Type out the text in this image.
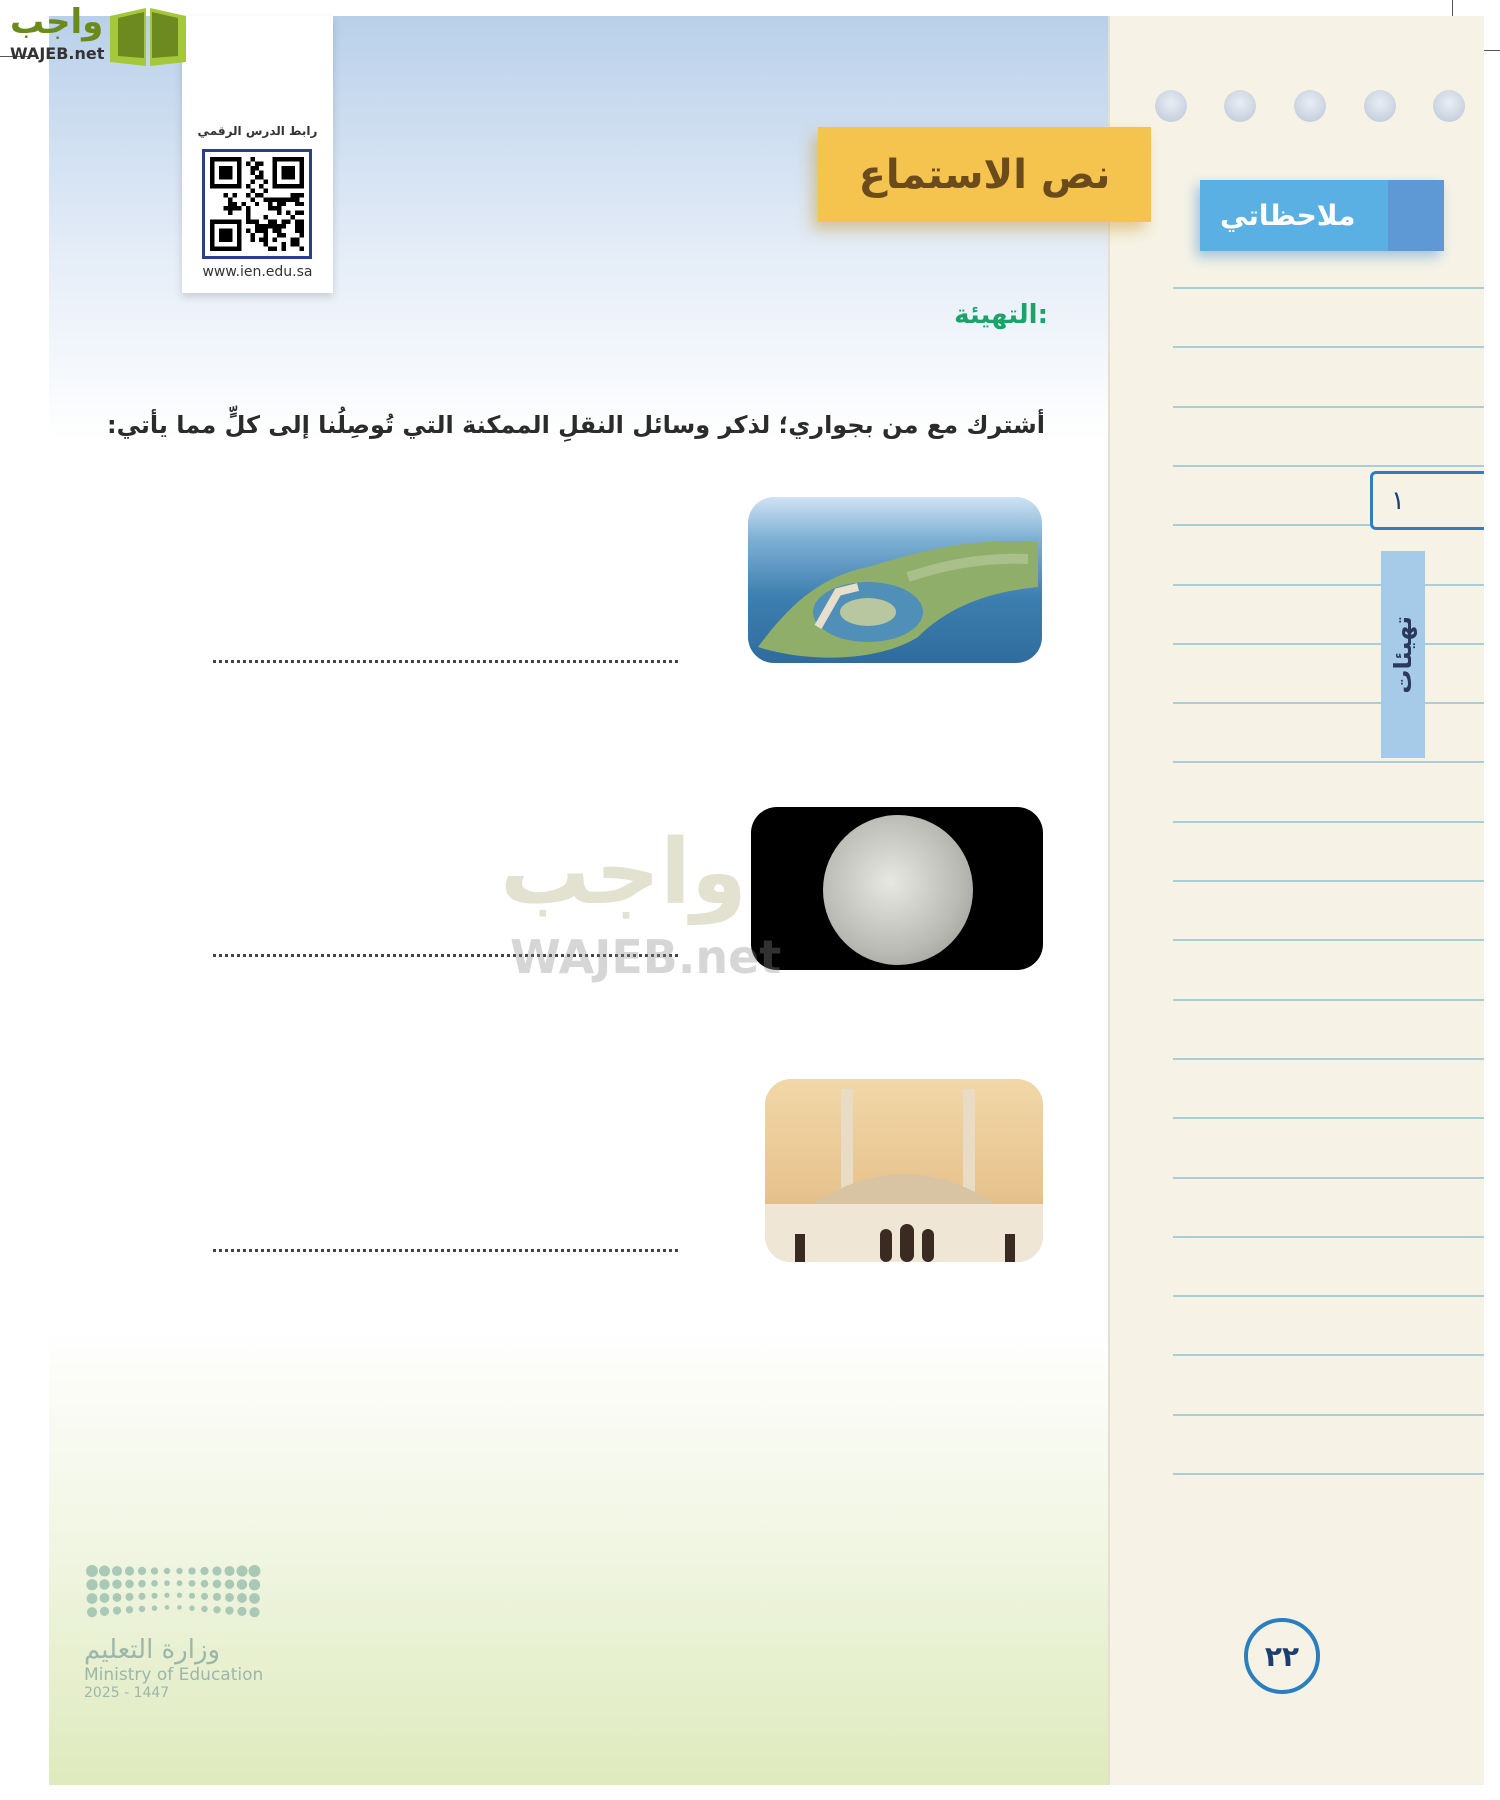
ملاحظاتي
١
تهيئات
٢٢
نص الاستماع
رابط الدرس الرقمي
www.ien.edu.sa
التهيئة:
أشترك مع من بجواري؛ لذكر وسائل النقلِ الممكنة التي تُوصِلُنا إلى كلٍّ مما يأتي:
واجب
WAJEB.net
واجب
WAJEB.net
وزارة التعليم
Ministry of Education
2025 - 1447
